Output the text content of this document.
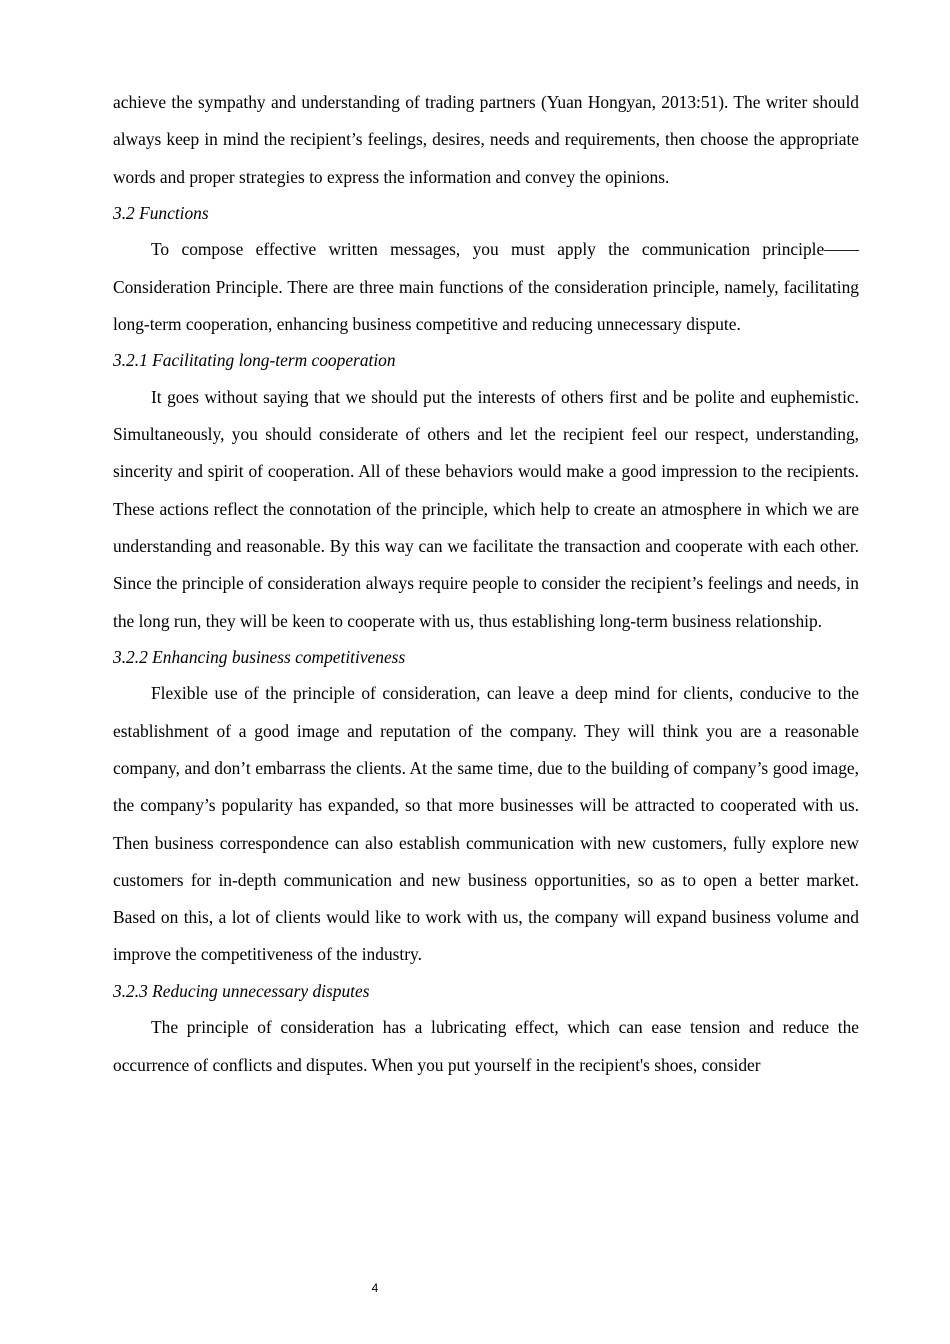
achieve the sympathy and understanding of trading partners (Yuan Hongyan, 2013:51). The writer should always keep in mind the recipient’s feelings, desires, needs and requirements, then choose the appropriate words and proper strategies to express the information and convey the opinions.

3.2 Functions

To compose effective written messages, you must apply the communication principle——Consideration Principle. There are three main functions of the consideration principle, namely, facilitating long-term cooperation, enhancing business competitive and reducing unnecessary dispute.

3.2.1 Facilitating long-term cooperation

It goes without saying that we should put the interests of others first and be polite and euphemistic. Simultaneously, you should considerate of others and let the recipient feel our respect, understanding, sincerity and spirit of cooperation. All of these behaviors would make a good impression to the recipients. These actions reflect the connotation of the principle, which help to create an atmosphere in which we are understanding and reasonable. By this way can we facilitate the transaction and cooperate with each other. Since the principle of consideration always require people to consider the recipient’s feelings and needs, in the long run, they will be keen to cooperate with us, thus establishing long-term business relationship.

3.2.2 Enhancing business competitiveness

Flexible use of the principle of consideration, can leave a deep mind for clients, conducive to the establishment of a good image and reputation of the company. They will think you are a reasonable company, and don’t embarrass the clients. At the same time, due to the building of company’s good image, the company’s popularity has expanded, so that more businesses will be attracted to cooperated with us. Then business correspondence can also establish communication with new customers, fully explore new customers for in-depth communication and new business opportunities, so as to open a better market. Based on this, a lot of clients would like to work with us, the company will expand business volume and improve the competitiveness of the industry.

3.2.3 Reducing unnecessary disputes

The principle of consideration has a lubricating effect, which can ease tension and reduce the occurrence of conflicts and disputes. When you put yourself in the recipient's shoes, consider

4
